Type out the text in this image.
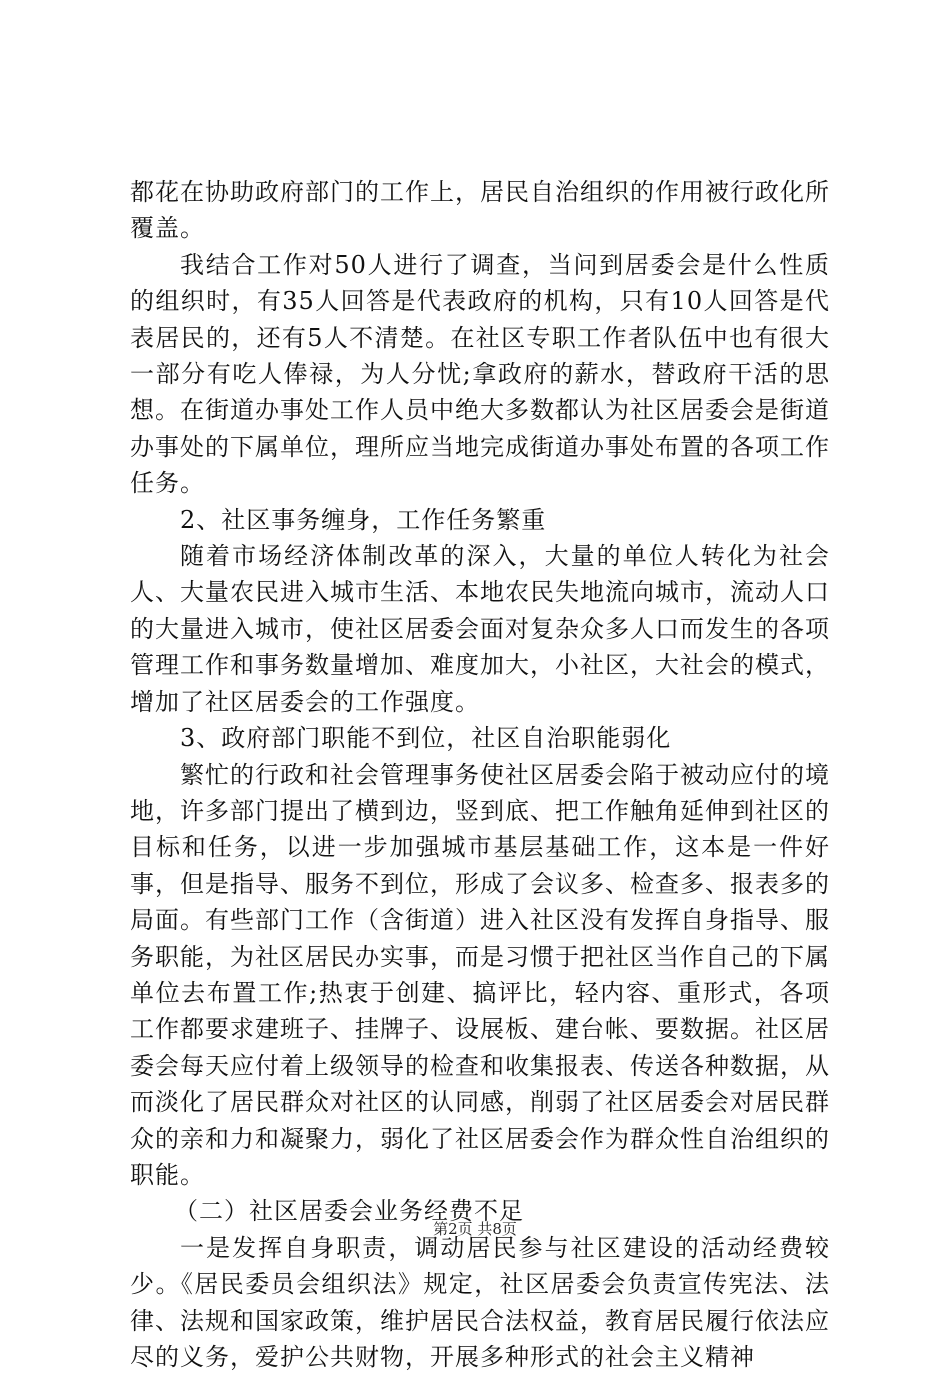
都花在协助政府部门的工作上，居民自治组织的作用被行政化所覆盖。

我结合工作对50人进行了调查，当问到居委会是什么性质的组织时，有35人回答是代表政府的机构，只有10人回答是代表居民的，还有5人不清楚。在社区专职工作者队伍中也有很大一部分有吃人俸禄，为人分忧;拿政府的薪水，替政府干活的思想。在街道办事处工作人员中绝大多数都认为社区居委会是街道办事处的下属单位，理所应当地完成街道办事处布置的各项工作任务。

2、社区事务缠身，工作任务繁重

随着市场经济体制改革的深入，大量的单位人转化为社会人、大量农民进入城市生活、本地农民失地流向城市，流动人口的大量进入城市，使社区居委会面对复杂众多人口而发生的各项管理工作和事务数量增加、难度加大，小社区，大社会的模式，增加了社区居委会的工作强度。

3、政府部门职能不到位，社区自治职能弱化

繁忙的行政和社会管理事务使社区居委会陷于被动应付的境地，许多部门提出了横到边，竖到底、把工作触角延伸到社区的目标和任务，以进一步加强城市基层基础工作，这本是一件好事，但是指导、服务不到位，形成了会议多、检查多、报表多的局面。有些部门工作（含街道）进入社区没有发挥自身指导、服务职能，为社区居民办实事，而是习惯于把社区当作自己的下属单位去布置工作;热衷于创建、搞评比，轻内容、重形式，各项工作都要求建班子、挂牌子、设展板、建台帐、要数据。社区居委会每天应付着上级领导的检查和收集报表、传送各种数据，从而淡化了居民群众对社区的认同感，削弱了社区居委会对居民群众的亲和力和凝聚力，弱化了社区居委会作为群众性自治组织的职能。

（二）社区居委会业务经费不足

一是发挥自身职责，调动居民参与社区建设的活动经费较少。《居民委员会组织法》规定，社区居委会负责宣传宪法、法律、法规和国家政策，维护居民合法权益，教育居民履行依法应尽的义务，爱护公共财物，开展多种形式的社会主义精神

第2页 共8页
